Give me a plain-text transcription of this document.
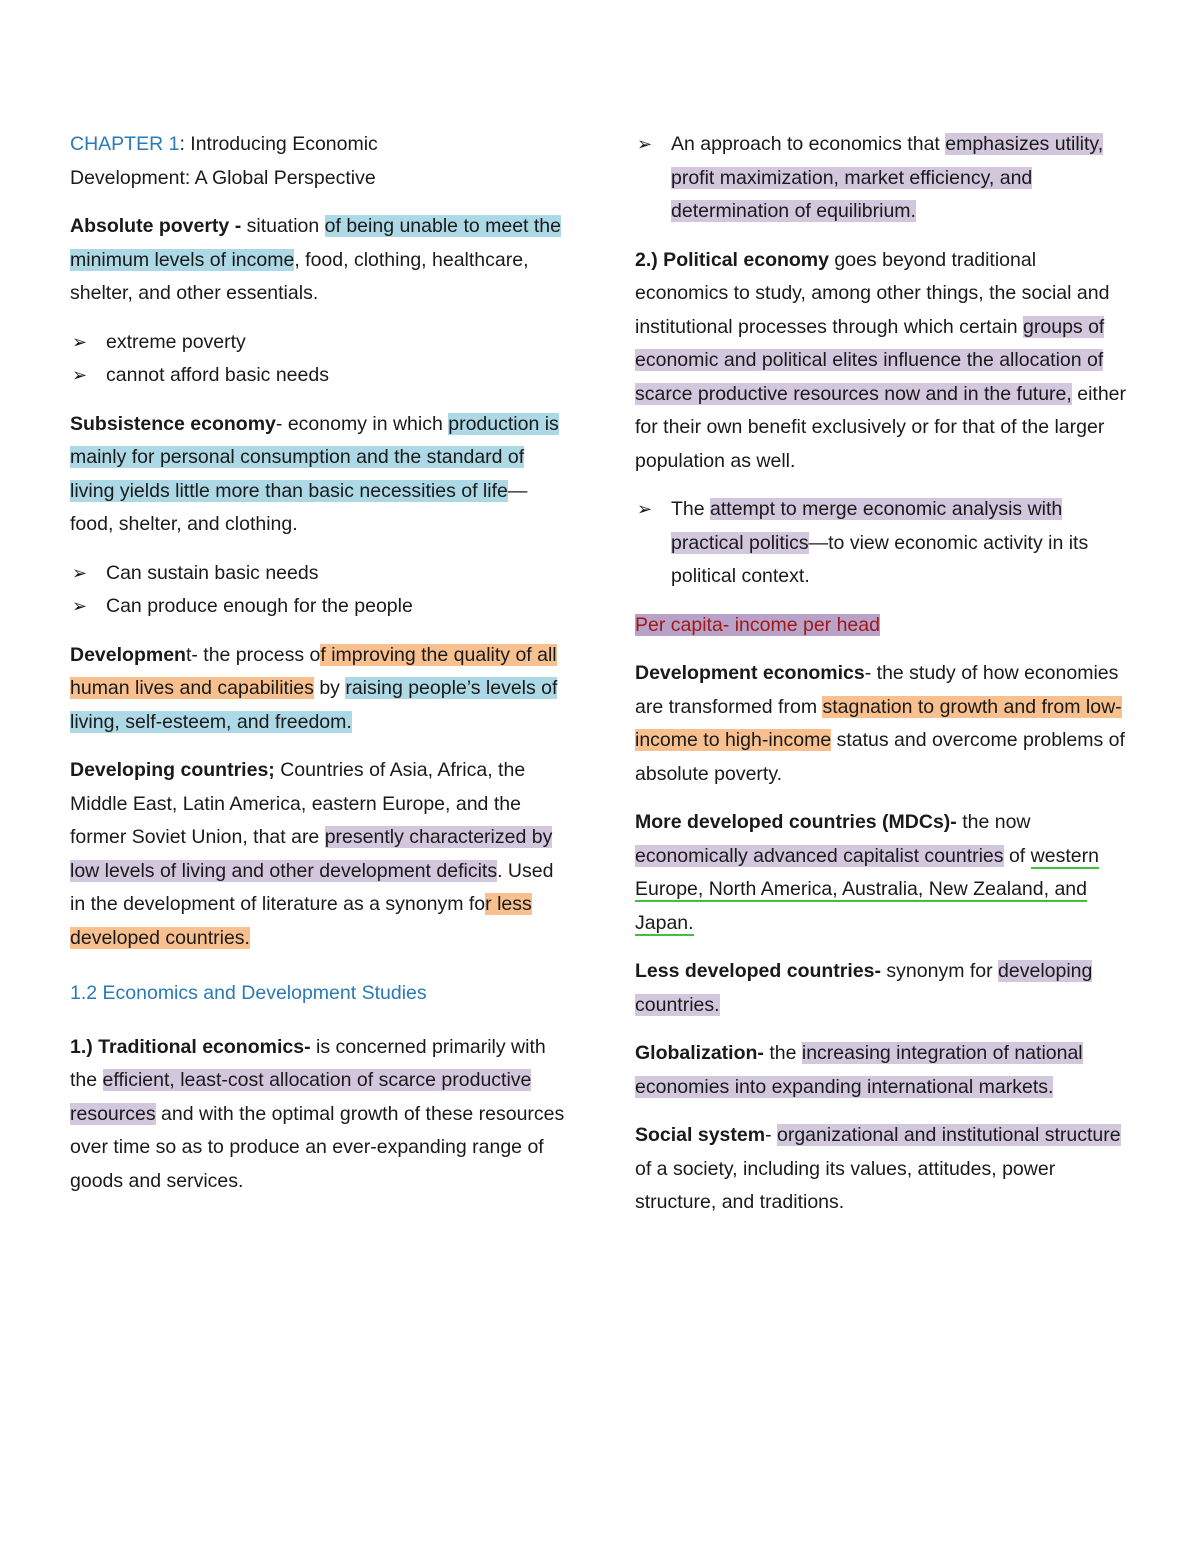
CHAPTER 1: Introducing Economic
Development: A Global Perspective

Absolute poverty - situation of being unable to meet the minimum levels of income, food, clothing, healthcare, shelter, and other essentials.

➢ extreme poverty
➢ cannot afford basic needs

Subsistence economy- economy in which production is mainly for personal consumption and the standard of living yields little more than basic necessities of life—food, shelter, and clothing.

➢ Can sustain basic needs
➢ Can produce enough for the people

Development- the process of improving the quality of all human lives and capabilities by raising people’s levels of living, self-esteem, and freedom.

Developing countries; Countries of Asia, Africa, the Middle East, Latin America, eastern Europe, and the former Soviet Union, that are presently characterized by low levels of living and other development deficits. Used in the development of literature as a synonym for less developed countries.

1.2 Economics and Development Studies

1.) Traditional economics- is concerned primarily with the efficient, least-cost allocation of scarce productive resources and with the optimal growth of these resources over time so as to produce an ever-expanding range of goods and services.

➢ An approach to economics that emphasizes utility, profit maximization, market efficiency, and determination of equilibrium.

2.) Political economy goes beyond traditional economics to study, among other things, the social and institutional processes through which certain groups of economic and political elites influence the allocation of scarce productive resources now and in the future, either for their own benefit exclusively or for that of the larger population as well.

➢ The attempt to merge economic analysis with practical politics—to view economic activity in its political context.

Per capita- income per head

Development economics- the study of how economies are transformed from stagnation to growth and from low-income to high-income status and overcome problems of absolute poverty.

More developed countries (MDCs)- the now economically advanced capitalist countries of western Europe, North America, Australia, New Zealand, and Japan.

Less developed countries- synonym for developing countries.

Globalization- the increasing integration of national economies into expanding international markets.

Social system- organizational and institutional structure of a society, including its values, attitudes, power structure, and traditions.
